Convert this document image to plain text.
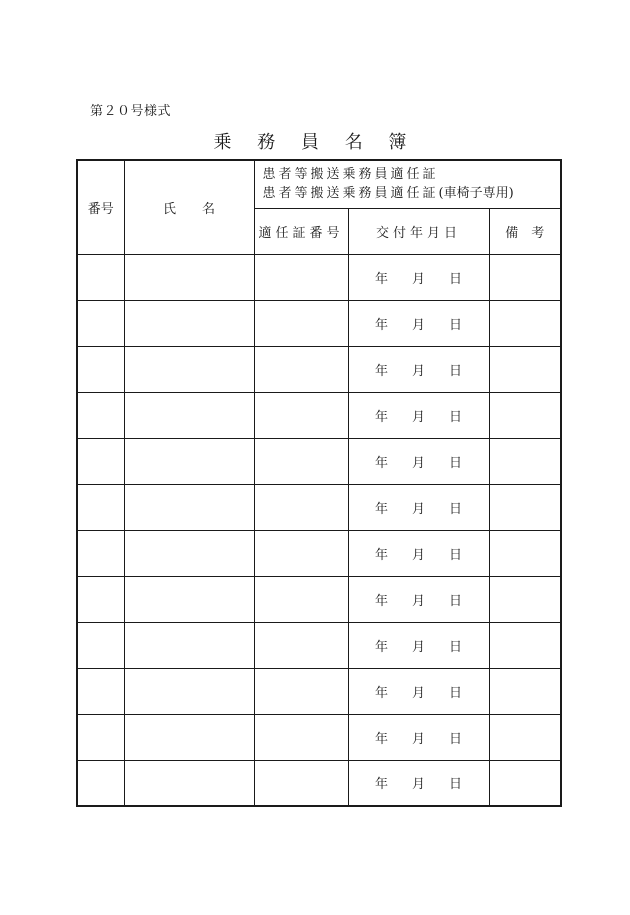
第２０号様式
乗 務 員 名 簿
番号	氏　　名	患者等搬送乗務員適任証
患者等搬送乗務員適任証(車椅子専用)		

		適任証番号	交付年月日	備　考
			年 月 日	
			年 月 日	
			年 月 日	
			年 月 日	
			年 月 日	
			年 月 日	
			年 月 日	
			年 月 日	
			年 月 日	
			年 月 日	
			年 月 日	
			年 月 日	
